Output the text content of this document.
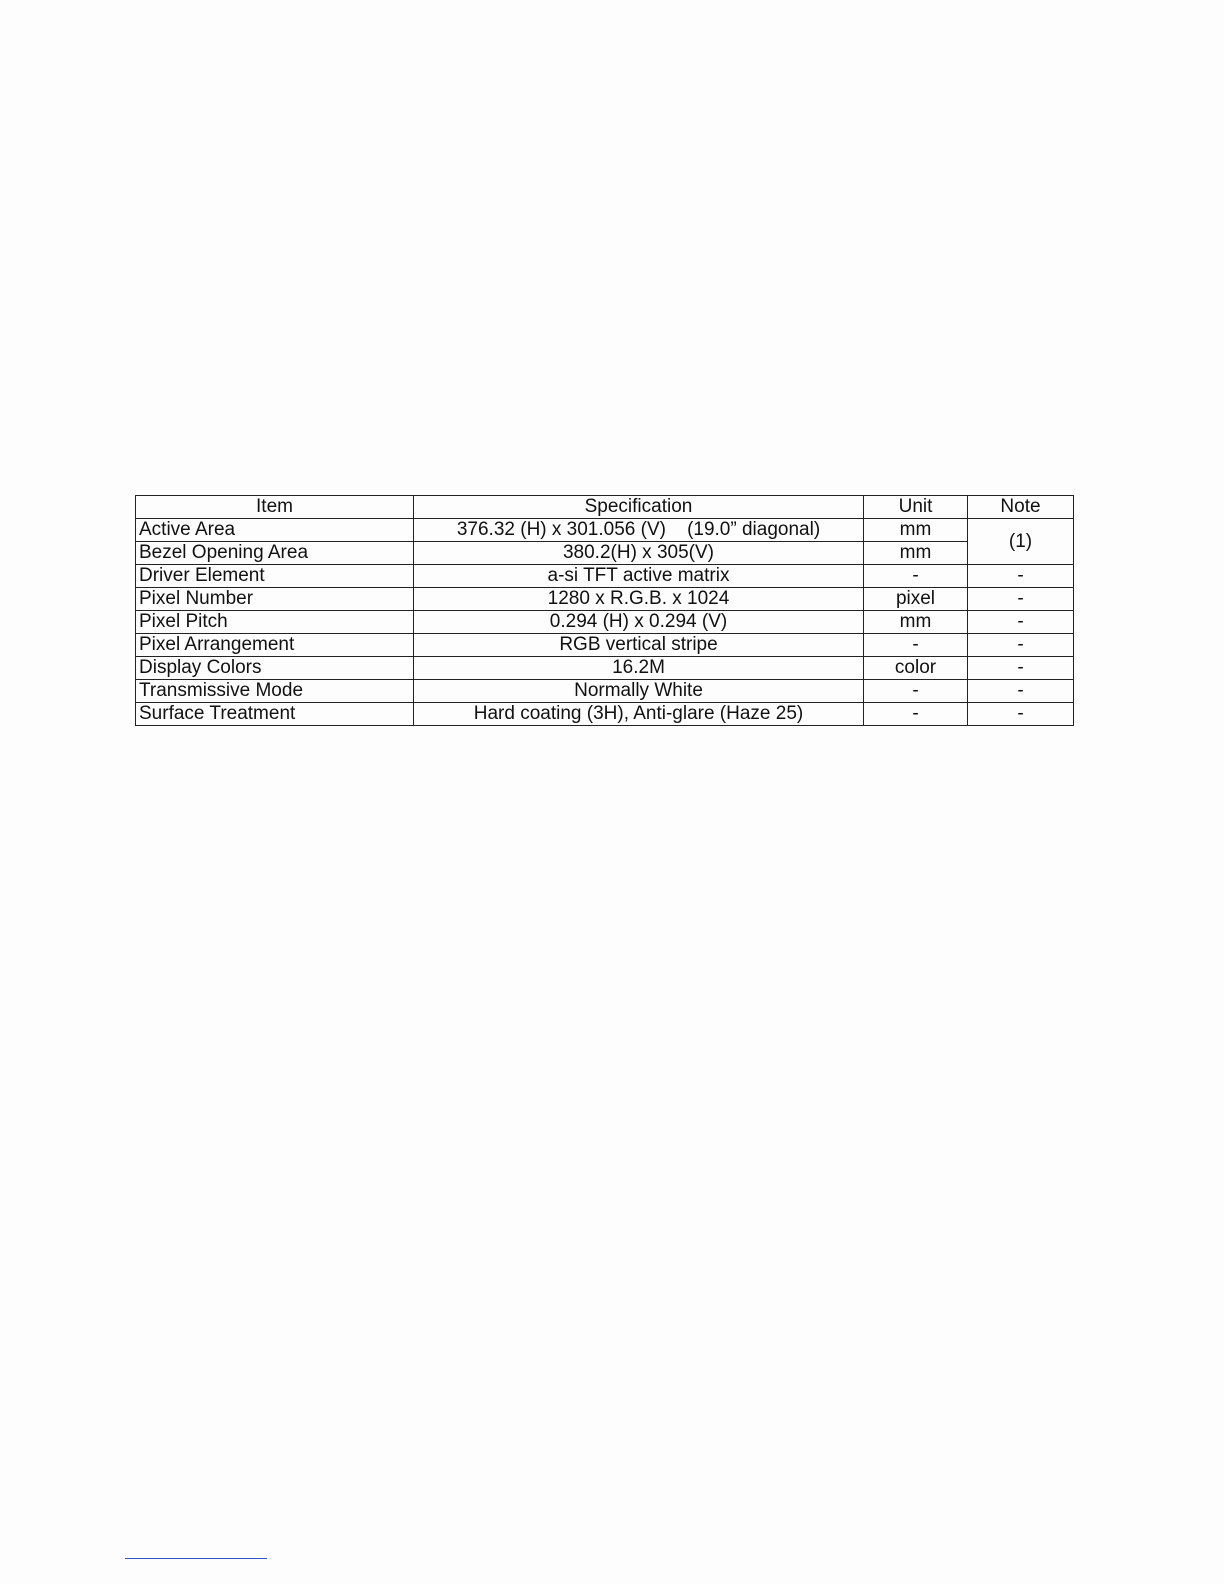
Item	Specification	Unit	Note
Active Area	376.32 (H) x 301.056 (V)    (19.0” diagonal)	mm	(1)
Bezel Opening Area	380.2(H) x 305(V)	mm	
Driver Element	a-si TFT active matrix	-	-
Pixel Number	1280 x R.G.B. x 1024	pixel	-
Pixel Pitch	0.294 (H) x 0.294 (V)	mm	-
Pixel Arrangement	RGB vertical stripe	-	-
Display Colors	16.2M	color	-
Transmissive Mode	Normally White	-	-
Surface Treatment	Hard coating (3H), Anti-glare (Haze 25)	-	-
